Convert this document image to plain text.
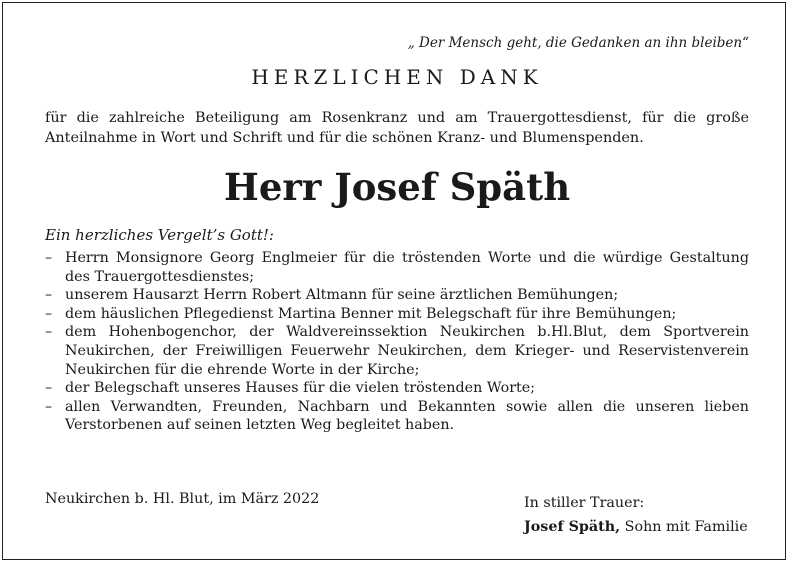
„ Der Mensch geht, die Gedanken an ihn bleiben“
HERZLICHEN DANK
für die zahlreiche Beteiligung am Rosenkranz und am Trauergottesdienst, für die große Anteilnahme in Wort und Schrift und für die schönen Kranz- und Blumenspenden.
Herr Josef Späth
Ein herzliches Vergelt’s Gott!:
– Herrn Monsignore Georg Englmeier für die tröstenden Worte und die würdige Gestaltung des Trauergottesdienstes;
– unserem Hausarzt Herrn Robert Altmann für seine ärztlichen Bemühungen;
– dem häuslichen Pflegedienst Martina Benner mit Belegschaft für ihre Bemühungen;
– dem Hohenbogenchor, der Waldvereinssektion Neukirchen b.Hl.Blut, dem Sportverein Neukirchen, der Freiwilligen Feuerwehr Neukirchen, dem Krieger- und Reservistenverein Neukirchen für die ehrende Worte in der Kirche;
– der Belegschaft unseres Hauses für die vielen tröstenden Worte;
– allen Verwandten, Freunden, Nachbarn und Bekannten sowie allen die unseren lieben Verstorbenen auf seinen letzten Weg begleitet haben.
Neukirchen b. Hl. Blut, im März 2022	In stiller Trauer:
Josef Späth, Sohn mit Familie
